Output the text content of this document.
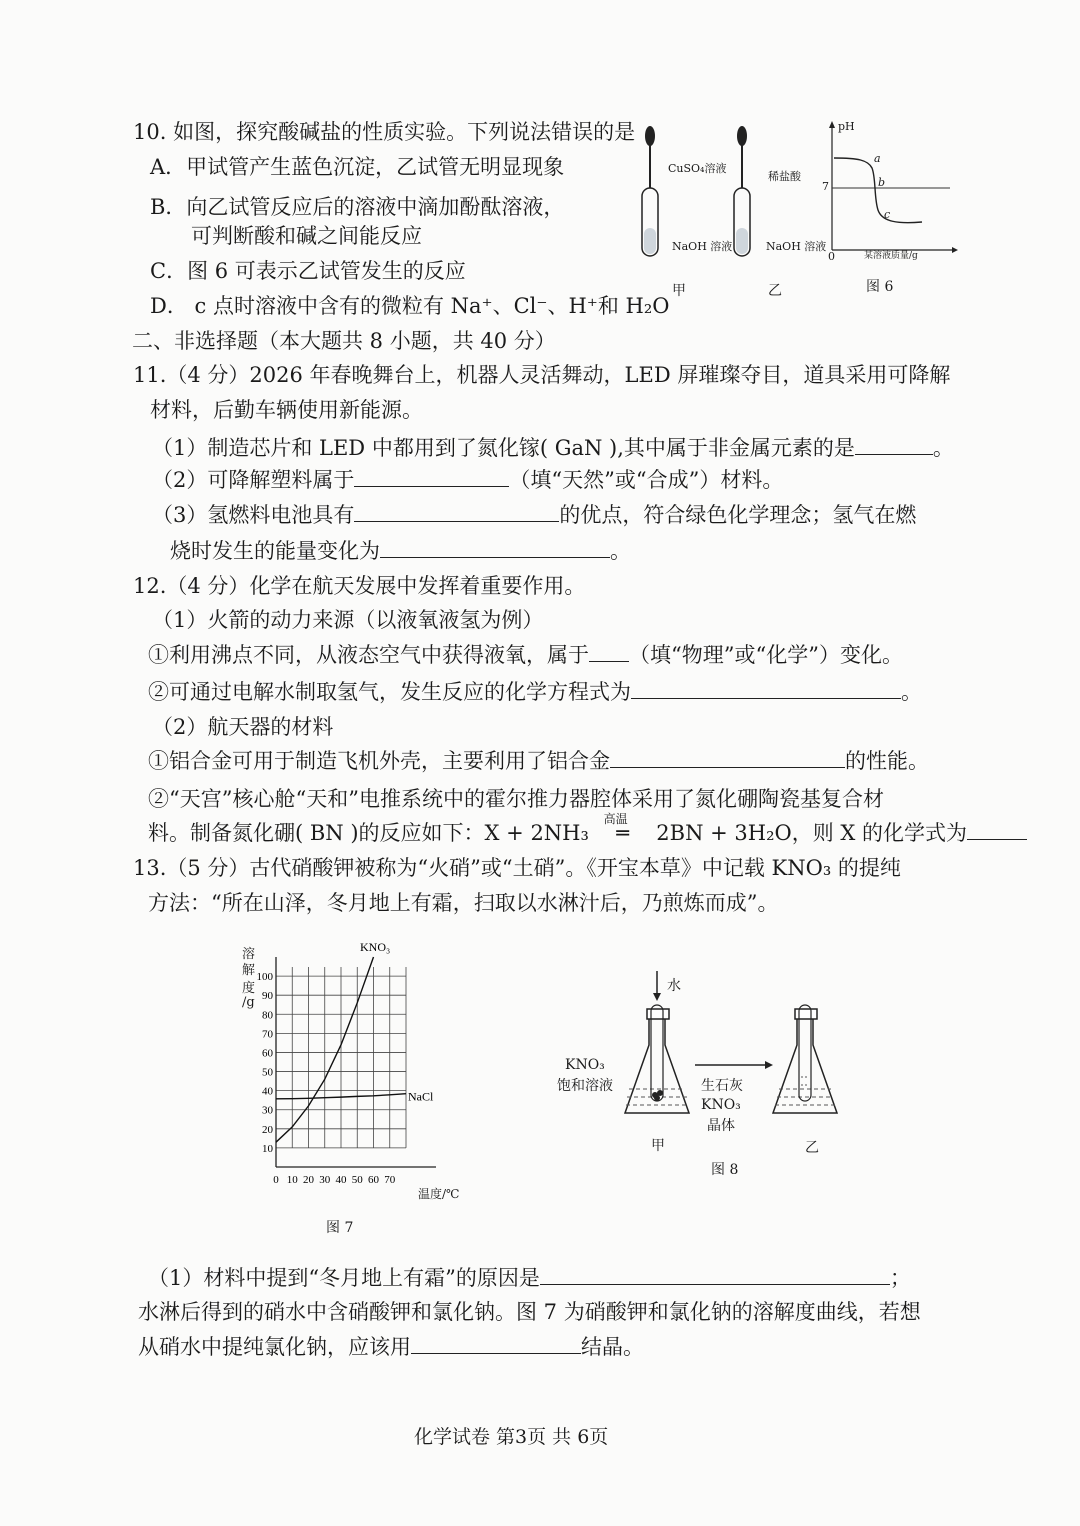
10. 如图，探究酸碱盐的性质实验。下列说法错误的是
A．甲试管产生蓝色沉淀，乙试管无明显现象
B．向乙试管反应后的溶液中滴加酚酞溶液，
可判断酸和碱之间能反应
C．图 6 可表示乙试管发生的反应
D． c 点时溶液中含有的微粒有 Na⁺、Cl⁻、H⁺和 H₂O
CuSO₄溶液
NaOH 溶液
稀盐酸
NaOH 溶液
甲	乙
pH
7
0	某溶液质量/g
a
b
c
图 6
二、非选择题（本大题共 8 小题，共 40 分）
11.（4 分）2026 年春晚舞台上，机器人灵活舞动，LED 屏璀璨夺目，道具采用可降解
材料，后勤车辆使用新能源。
（1）制造芯片和 LED 中都用到了氮化镓( GaN ),其中属于非金属元素的是	。
（2）可降解塑料属于	（填“天然”或“合成”）材料。
（3）氢燃料电池具有	的优点，符合绿色化学理念；氢气在燃
烧时发生的能量变化为	。
12.（4 分）化学在航天发展中发挥着重要作用。
（1）火箭的动力来源（以液氧液氢为例）
①利用沸点不同，从液态空气中获得液氧，属于 （填“物理”或“化学”）变化。
②可通过电解水制取氢气，发生反应的化学方程式为	。
（2）航天器的材料
①铝合金可用于制造飞机外壳，主要利用了铝合金	的性能。
②“天宫”核心舱“天和”电推系统中的霍尔推力器腔体采用了氮化硼陶瓷基复合材
料。制备氮化硼( BN )的反应如下：X + 2NH₃
高温
═ 2BN + 3H₂O，则 X 的化学式为
13.（5 分）古代硝酸钾被称为“火硝”或“土硝”。《开宝本草》中记载 KNO₃ 的提纯
方法：“所在山泽，冬月地上有霜，扫取以水淋汁后，乃煎炼而成”。
0 10 20 30 40 50 60 70
10
20
30
40
50
60
70
80
90
100
KNO₃
NaCl
溶
解
度
/g
温度/℃
图 7
水
KNO₃
饱和溶液	生石灰
KNO₃
晶体
甲	乙
图 8
（1）材料中提到“冬月地上有霜”的原因是	；
水淋后得到的硝水中含硝酸钾和氯化钠。图 7 为硝酸钾和氯化钠的溶解度曲线，若想
从硝水中提纯氯化钠，应该用	结晶。
化学试卷 第3页 共 6页
